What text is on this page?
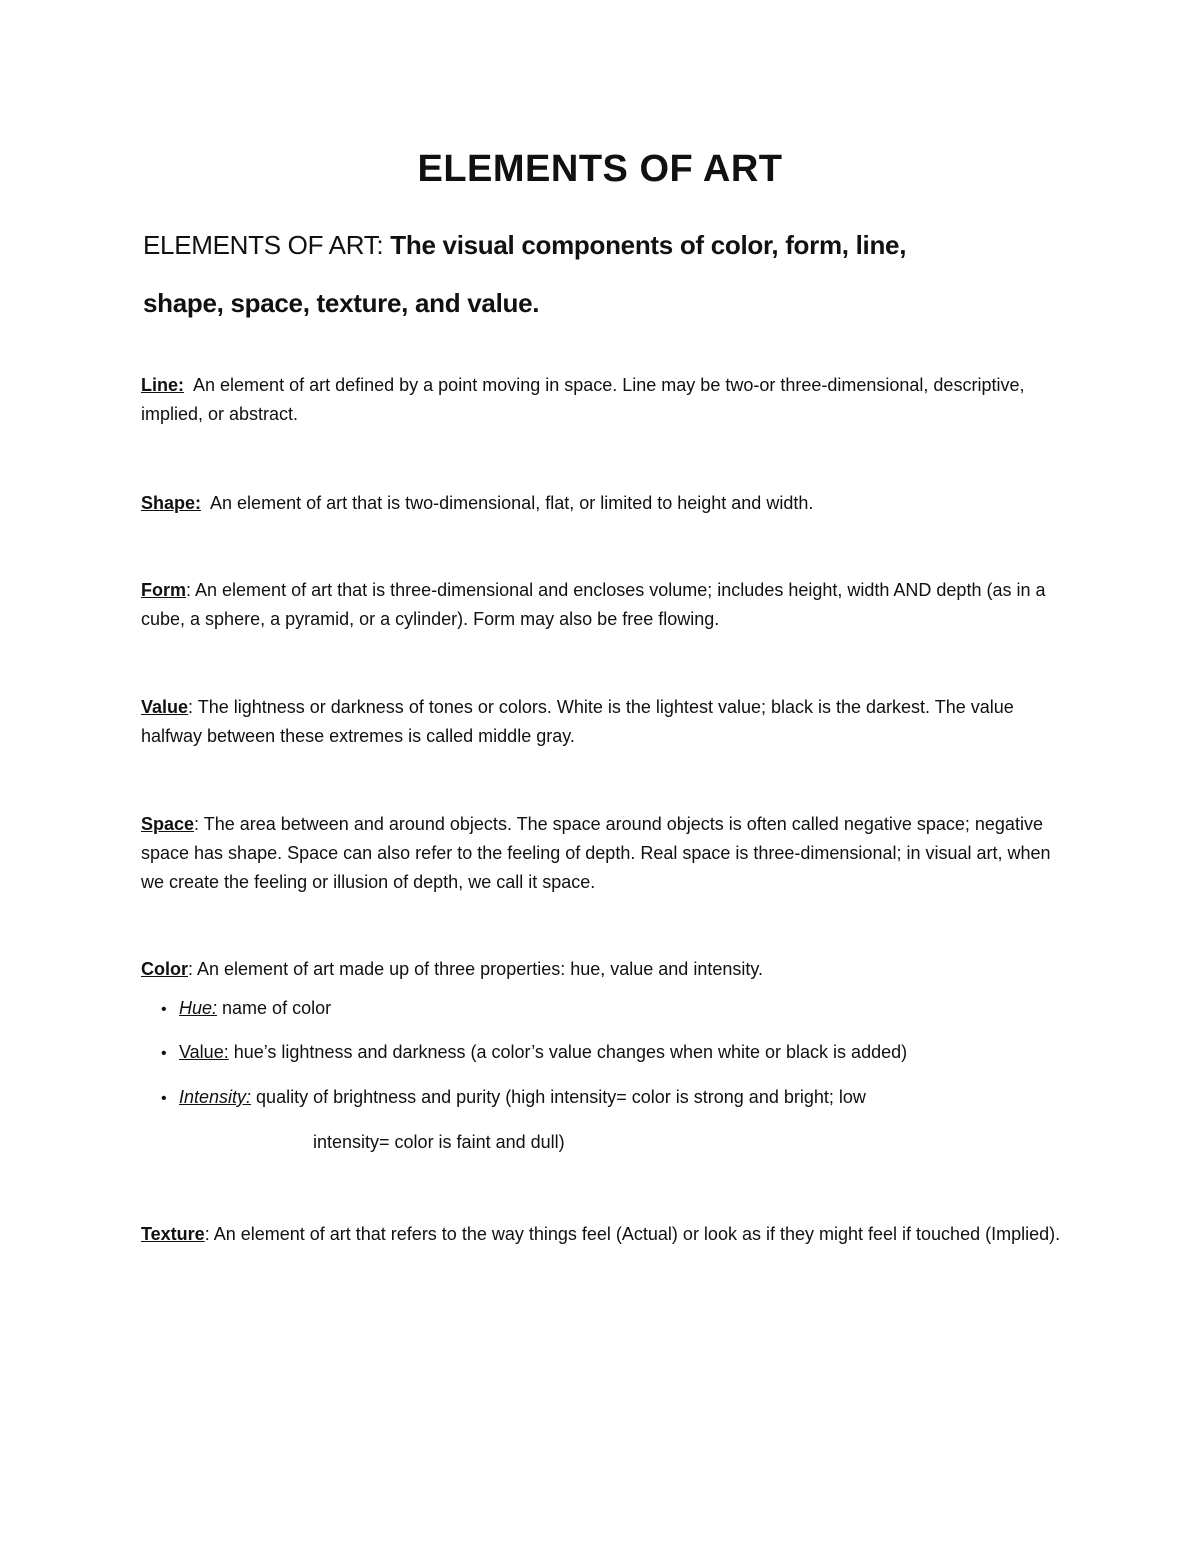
ELEMENTS OF ART
ELEMENTS OF ART: The visual components of color, form, line,
shape, space, texture, and value.
Line: An element of art defined by a point moving in space. Line may be two-or three-dimensional, descriptive, implied, or abstract.
Shape: An element of art that is two-dimensional, flat, or limited to height and width.
Form: An element of art that is three-dimensional and encloses volume; includes height, width AND depth (as in a cube, a sphere, a pyramid, or a cylinder). Form may also be free flowing.
Value: The lightness or darkness of tones or colors. White is the lightest value; black is the darkest. The value halfway between these extremes is called middle gray.
Space: The area between and around objects. The space around objects is often called negative space; negative space has shape. Space can also refer to the feeling of depth. Real space is three-dimensional; in visual art, when we create the feeling or illusion of depth, we call it space.
Color: An element of art made up of three properties: hue, value and intensity.
• Hue: name of color
• Value: hue’s lightness and darkness (a color’s value changes when white or black is added)
• Intensity: quality of brightness and purity (high intensity= color is strong and bright; low
intensity= color is faint and dull)
Texture: An element of art that refers to the way things feel (Actual) or look as if they might feel if touched (Implied).
